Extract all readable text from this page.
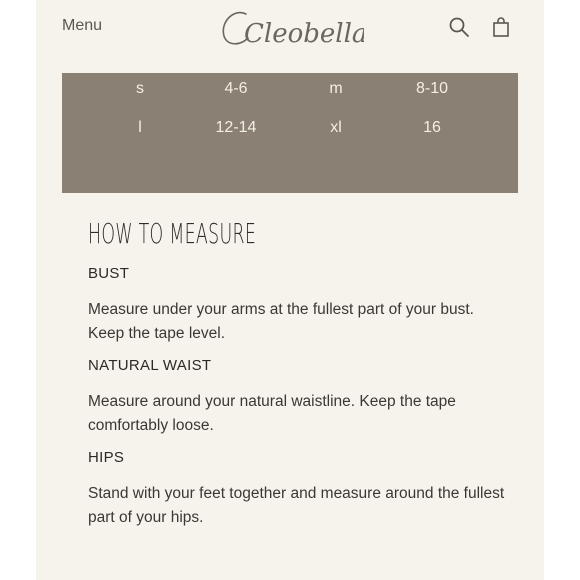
Menu	Cleobella
s	4-6	m	8-10
l	12-14	xl	16
HOW TO MEASURE
BUST

Measure under your arms at the fullest part of your bust. Keep the tape level.

NATURAL WAIST

Measure around your natural waistline. Keep the tape comfortably loose.

HIPS

Stand with your feet together and measure around the fullest part of your hips.
